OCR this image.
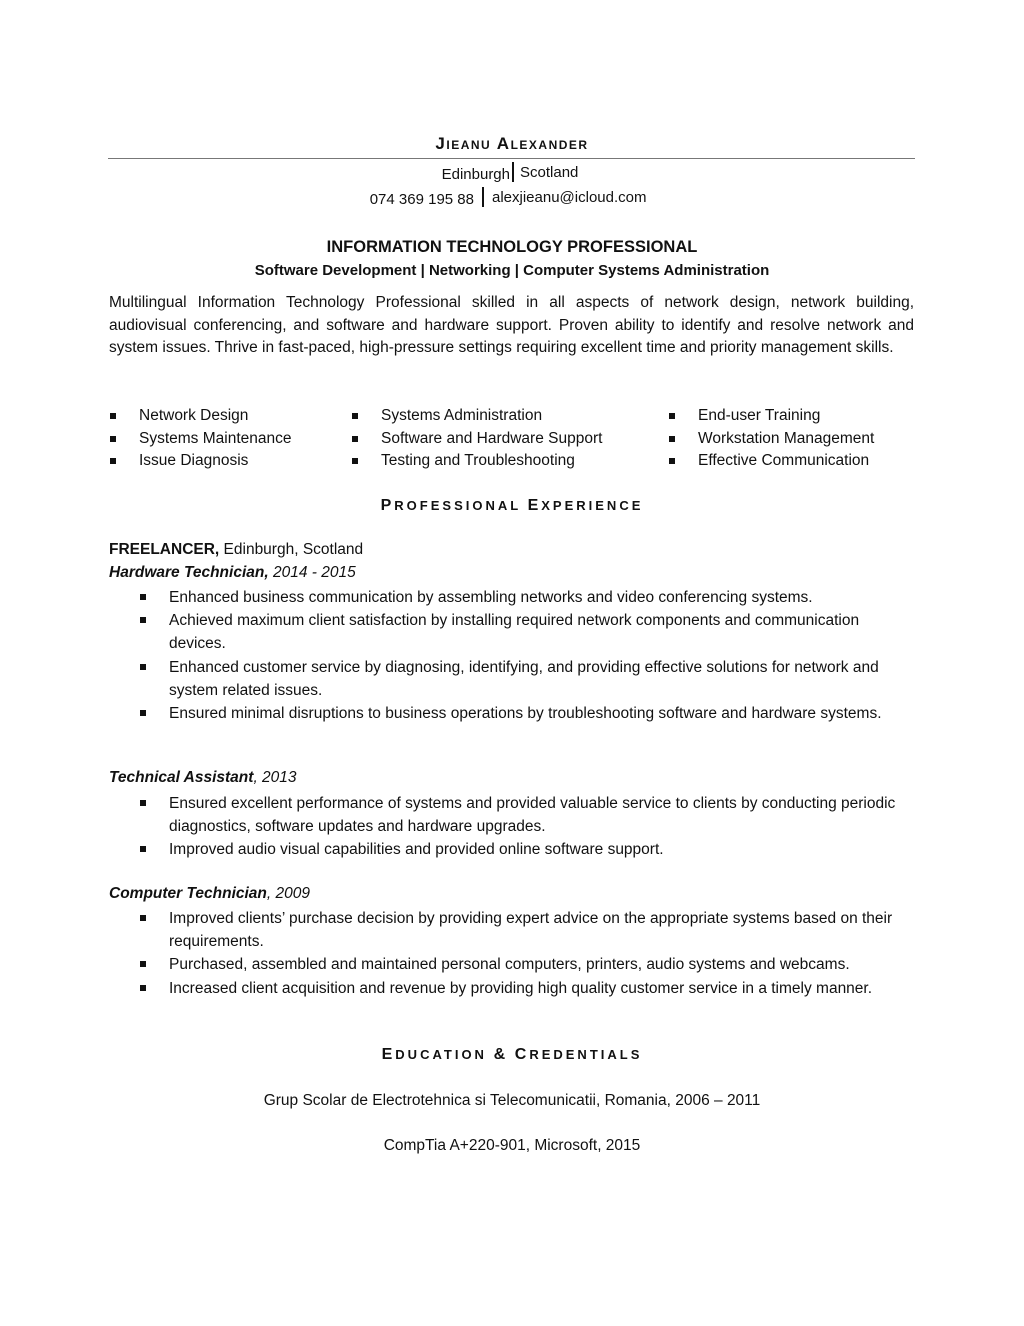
Jieanu Alexander
Edinburgh Scotland
074 369 195 88 alexjieanu@icloud.com
INFORMATION TECHNOLOGY PROFESSIONAL
Software Development | Networking | Computer Systems Administration
Multilingual Information Technology Professional skilled in all aspects of network design, network building, audiovisual conferencing, and software and hardware support. Proven ability to identify and resolve network and system issues. Thrive in fast-paced, high-pressure settings requiring excellent time and priority management skills.
Network Design
Systems Maintenance
Issue Diagnosis
Systems Administration
Software and Hardware Support
Testing and Troubleshooting
End-user Training
Workstation Management
Effective Communication
PROFESSIONAL EXPERIENCE
FREELANCER, Edinburgh, Scotland
Hardware Technician, 2014 - 2015
Enhanced business communication by assembling networks and video conferencing systems.
Achieved maximum client satisfaction by installing required network components and communication devices.
Enhanced customer service by diagnosing, identifying, and providing effective solutions for network and system related issues.
Ensured minimal disruptions to business operations by troubleshooting software and hardware systems.
Technical Assistant, 2013
Ensured excellent performance of systems and provided valuable service to clients by conducting periodic diagnostics, software updates and hardware upgrades.
Improved audio visual capabilities and provided online software support.
Computer Technician, 2009
Improved clients’ purchase decision by providing expert advice on the appropriate systems based on their requirements.
Purchased, assembled and maintained personal computers, printers, audio systems and webcams.
Increased client acquisition and revenue by providing high quality customer service in a timely manner.
EDUCATION & CREDENTIALS
Grup Scolar de Electrotehnica si Telecomunicatii, Romania, 2006 – 2011
CompTia A+220-901, Microsoft, 2015
